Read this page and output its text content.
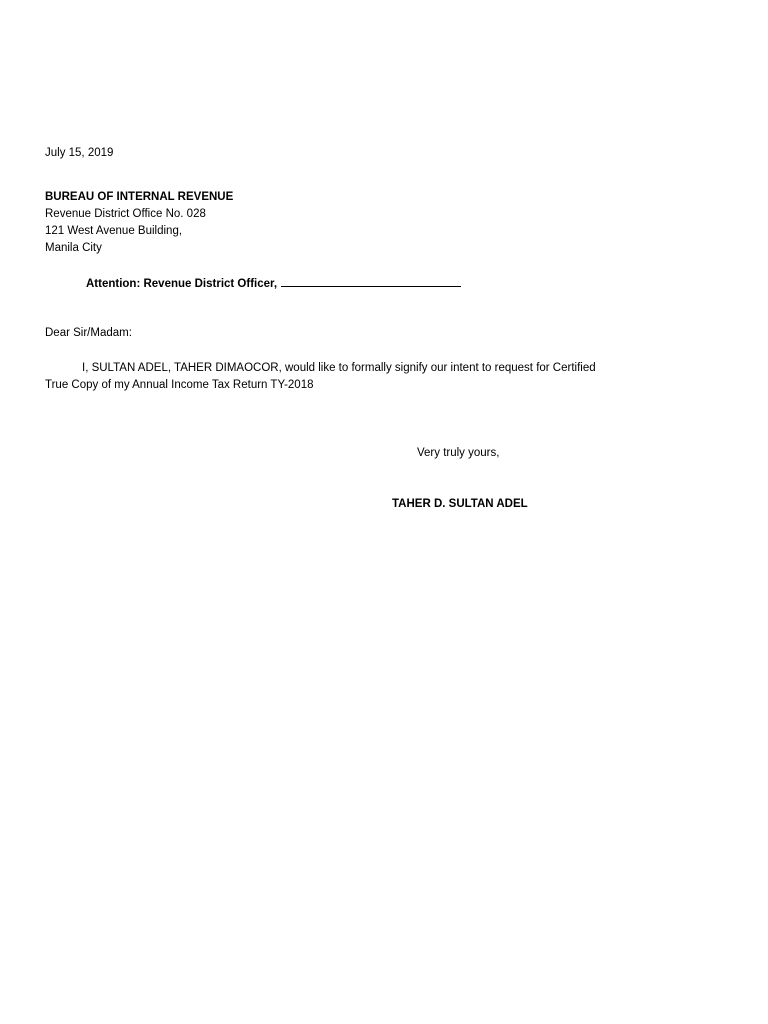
July 15, 2019
BUREAU OF INTERNAL REVENUE
Revenue District Office No. 028
121 West Avenue Building,
Manila City
Attention: Revenue District Officer,
Dear Sir/Madam:
I, SULTAN ADEL, TAHER DIMAOCOR, would like to formally signify our intent to request for Certified
True Copy of my Annual Income Tax Return TY-2018
Very truly yours,
TAHER D. SULTAN ADEL
